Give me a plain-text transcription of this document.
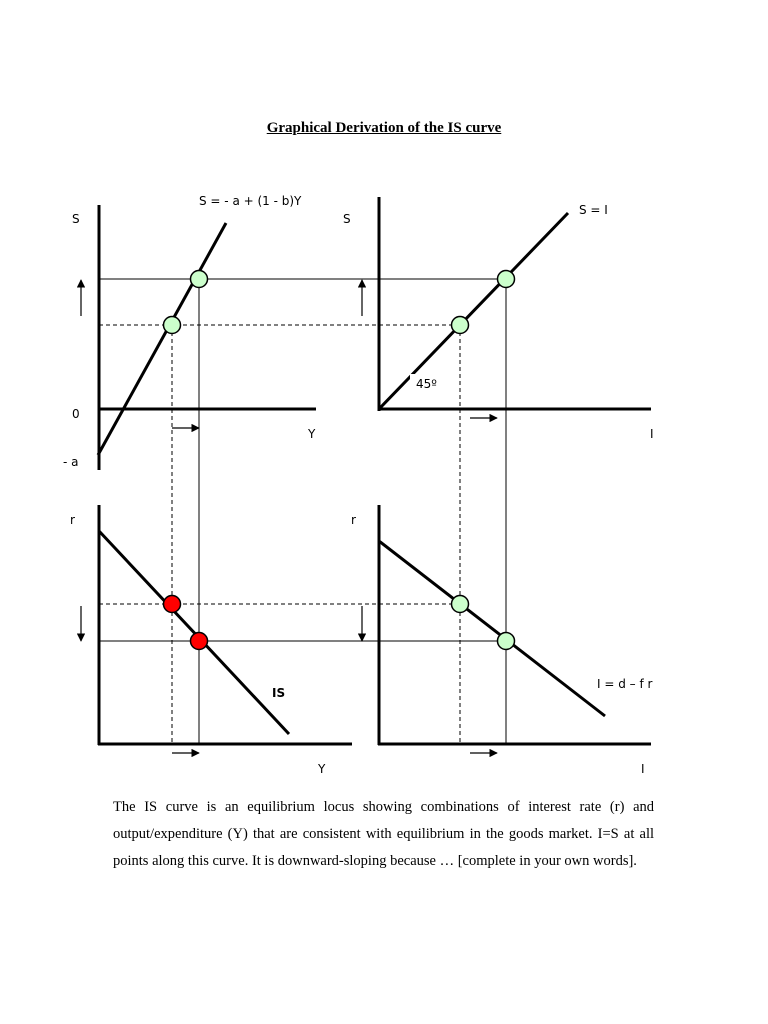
Graphical Derivation of the IS curve
S
S = - a + (1 - b)Y
0
- a
Y
S
S = I
45º
I
r
IS
Y
r
I = d – f r
I
The IS curve is an equilibrium locus showing combinations of interest rate (r) and output/expenditure (Y) that are consistent with equilibrium in the goods market. I=S at all points along this curve. It is downward-sloping because … [complete in your own words].
